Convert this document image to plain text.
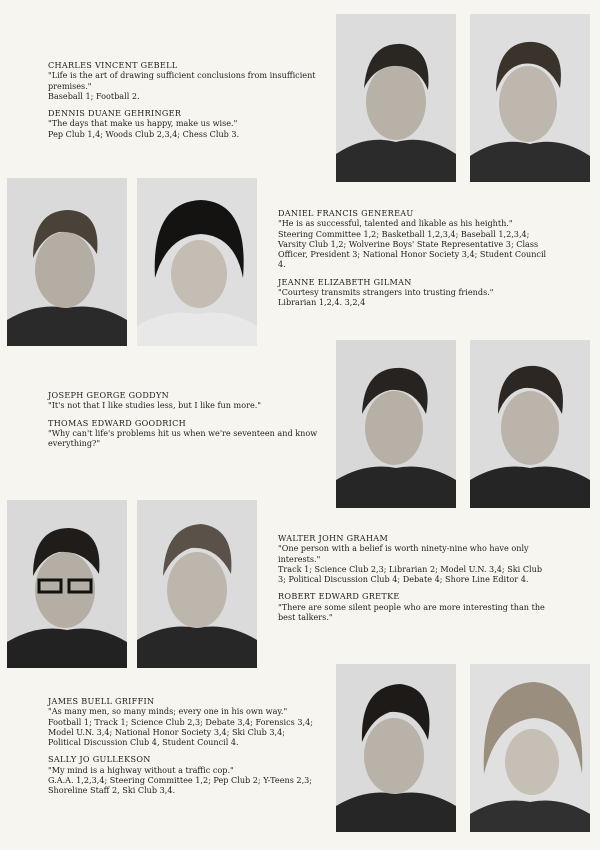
CHARLES VINCENT GEBELL
"Life is the art of drawing sufficient conclusions from insufficient premises."
Baseball 1; Football 2.
DENNIS DUANE GEHRINGER
"The days that make us happy, make us wise."
Pep Club 1,4; Woods Club 2,3,4; Chess Club 3.
DANIEL FRANCIS GENEREAU
"He is as successful, talented and likable as his heighth."
Steering Committee 1,2; Basketball 1,2,3,4; Baseball 1,2,3,4; Varsity Club 1,2; Wolverine Boys' State Representative 3; Class Officer, President 3; National Honor Society 3,4; Student Council 4.
JEANNE ELIZABETH GILMAN
"Courtesy transmits strangers into trusting friends."
Librarian 1,2,4. 3,2,4
JOSEPH GEORGE GODDYN
"It's not that I like studies less, but I like fun more."
THOMAS EDWARD GOODRICH
"Why can't life's problems hit us when we're seventeen and know everything?"
WALTER JOHN GRAHAM
"One person with a belief is worth ninety-nine who have only interests."
Track 1; Science Club 2,3; Librarian 2; Model U.N. 3,4; Ski Club 3; Political Discussion Club 4; Debate 4; Shore Line Editor 4.
ROBERT EDWARD GRETKE
"There are some silent people who are more interesting than the best talkers."
JAMES BUELL GRIFFIN
"As many men, so many minds; every one in his own way."
Football 1; Track 1; Science Club 2,3; Debate 3,4; Forensics 3,4; Model U.N. 3,4; National Honor Society 3,4; Ski Club 3,4; Political Discussion Club 4, Student Council 4.
SALLY JO GULLEKSON
"My mind is a highway without a traffic cop."
G.A.A. 1,2,3,4; Steering Committee 1,2; Pep Club 2; Y-Teens 2,3; Shoreline Staff 2, Ski Club 3,4.
